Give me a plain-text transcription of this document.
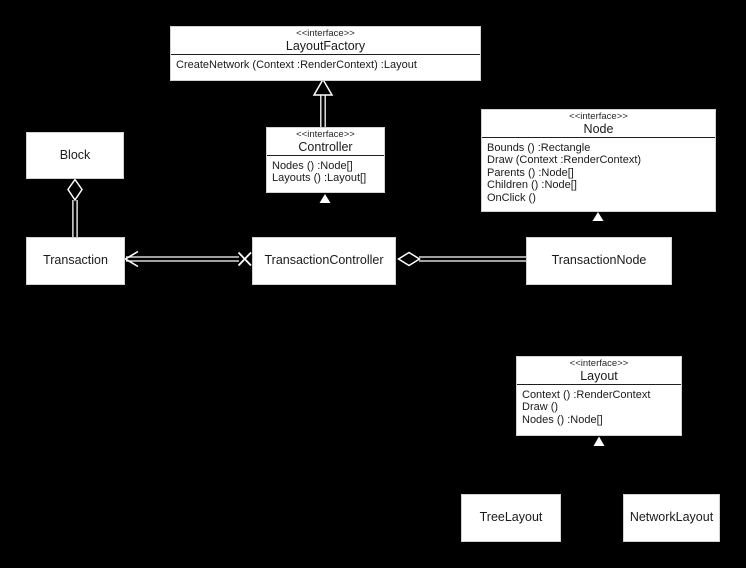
<<interface>>
LayoutFactory
CreateNetwork (Context :RenderContext) :Layout
<<interface>>
Controller
Nodes () :Node[]
Layouts () :Layout[]
<<interface>>
Node
Bounds () :Rectangle
Draw (Context :RenderContext)
Parents () :Node[]
Children () :Node[]
OnClick ()
<<interface>>
Layout
Context () :RenderContext
Draw ()
Nodes () :Node[]
Block
Transaction	TransactionController	TransactionNode
TreeLayout	NetworkLayout
